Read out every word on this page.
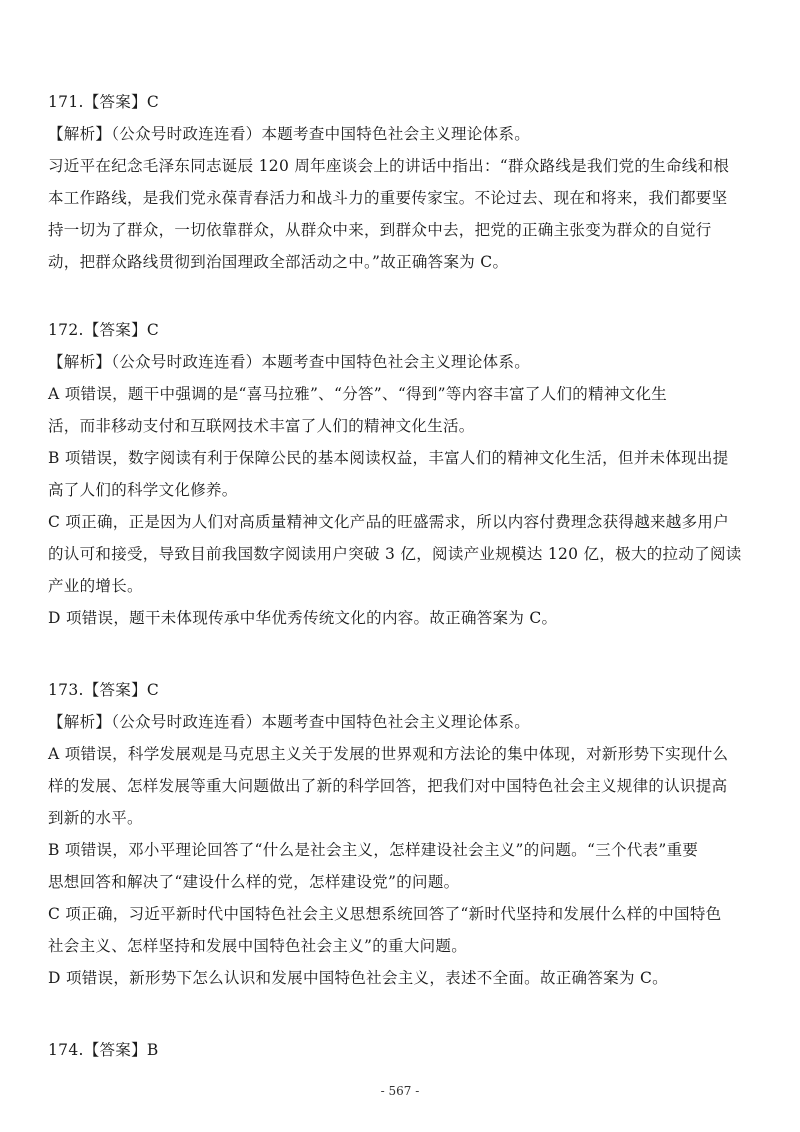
171.【答案】C
【解析】（公众号时政连连看）本题考查中国特色社会主义理论体系。
习近平在纪念毛泽东同志诞辰 120 周年座谈会上的讲话中指出：“群众路线是我们党的生命线和根
本工作路线，是我们党永葆青春活力和战斗力的重要传家宝。不论过去、现在和将来，我们都要坚
持一切为了群众，一切依靠群众，从群众中来，到群众中去，把党的正确主张变为群众的自觉行
动，把群众路线贯彻到治国理政全部活动之中。”故正确答案为 C。
172.【答案】C
【解析】（公众号时政连连看）本题考查中国特色社会主义理论体系。
A 项错误，题干中强调的是“喜马拉雅”、“分答”、“得到”等内容丰富了人们的精神文化生
活，而非移动支付和互联网技术丰富了人们的精神文化生活。
B 项错误，数字阅读有利于保障公民的基本阅读权益，丰富人们的精神文化生活，但并未体现出提
高了人们的科学文化修养。
C 项正确，正是因为人们对高质量精神文化产品的旺盛需求，所以内容付费理念获得越来越多用户
的认可和接受，导致目前我国数字阅读用户突破 3 亿，阅读产业规模达 120 亿，极大的拉动了阅读
产业的增长。
D 项错误，题干未体现传承中华优秀传统文化的内容。故正确答案为 C。
173.【答案】C
【解析】（公众号时政连连看）本题考查中国特色社会主义理论体系。
A 项错误，科学发展观是马克思主义关于发展的世界观和方法论的集中体现，对新形势下实现什么
样的发展、怎样发展等重大问题做出了新的科学回答，把我们对中国特色社会主义规律的认识提高
到新的水平。
B 项错误，邓小平理论回答了“什么是社会主义，怎样建设社会主义”的问题。“三个代表”重要
思想回答和解决了“建设什么样的党，怎样建设党”的问题。
C 项正确，习近平新时代中国特色社会主义思想系统回答了“新时代坚持和发展什么样的中国特色
社会主义、怎样坚持和发展中国特色社会主义”的重大问题。
D 项错误，新形势下怎么认识和发展中国特色社会主义，表述不全面。故正确答案为 C。
174.【答案】B
- 567 -
